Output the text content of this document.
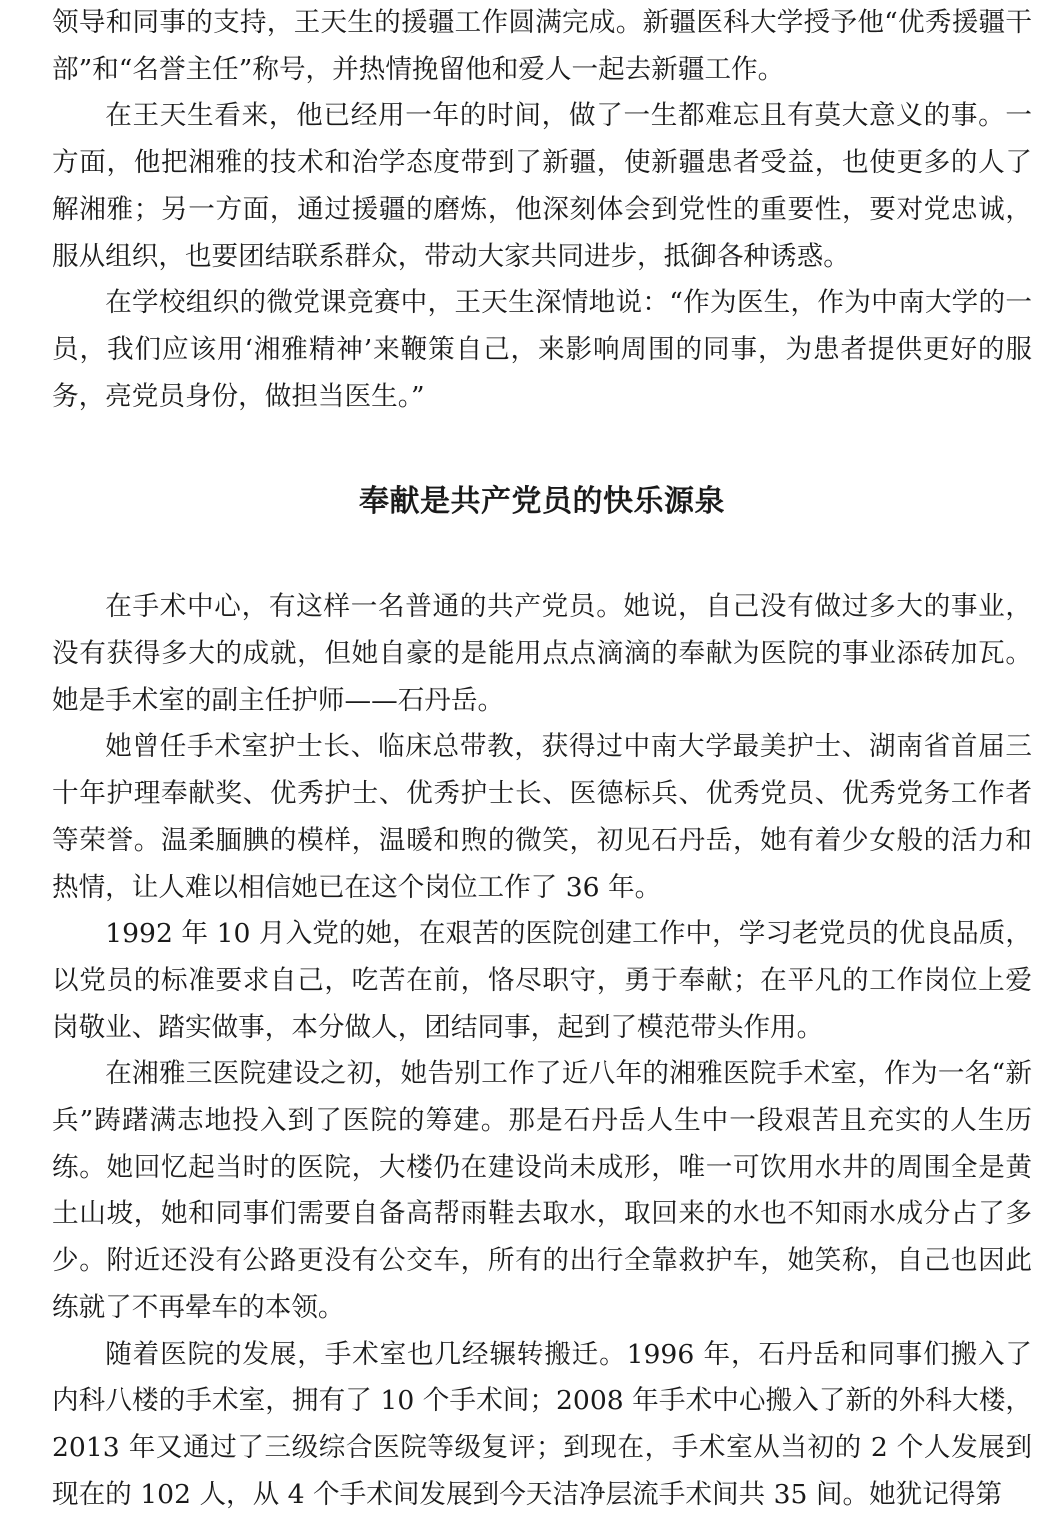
领导和同事的支持，王天生的援疆工作圆满完成。新疆医科大学授予他“优秀援疆干部”和“名誉主任”称号，并热情挽留他和爱人一起去新疆工作。

在王天生看来，他已经用一年的时间，做了一生都难忘且有莫大意义的事。一方面，他把湘雅的技术和治学态度带到了新疆，使新疆患者受益，也使更多的人了解湘雅；另一方面，通过援疆的磨炼，他深刻体会到党性的重要性，要对党忠诚，服从组织，也要团结联系群众，带动大家共同进步，抵御各种诱惑。

在学校组织的微党课竞赛中，王天生深情地说：“作为医生，作为中南大学的一员，我们应该用‘湘雅精神’来鞭策自己，来影响周围的同事，为患者提供更好的服务，亮党员身份，做担当医生。”

奉献是共产党员的快乐源泉

在手术中心，有这样一名普通的共产党员。她说，自己没有做过多大的事业，没有获得多大的成就，但她自豪的是能用点点滴滴的奉献为医院的事业添砖加瓦。她是手术室的副主任护师——石丹岳。

她曾任手术室护士长、临床总带教，获得过中南大学最美护士、湖南省首届三十年护理奉献奖、优秀护士、优秀护士长、医德标兵、优秀党员、优秀党务工作者等荣誉。温柔腼腆的模样，温暖和煦的微笑，初见石丹岳，她有着少女般的活力和热情，让人难以相信她已在这个岗位工作了 36 年。

1992 年 10 月入党的她，在艰苦的医院创建工作中，学习老党员的优良品质，以党员的标准要求自己，吃苦在前，恪尽职守，勇于奉献；在平凡的工作岗位上爱岗敬业、踏实做事，本分做人，团结同事，起到了模范带头作用。

在湘雅三医院建设之初，她告别工作了近八年的湘雅医院手术室，作为一名“新兵”踌躇满志地投入到了医院的筹建。那是石丹岳人生中一段艰苦且充实的人生历练。她回忆起当时的医院，大楼仍在建设尚未成形，唯一可饮用水井的周围全是黄土山坡，她和同事们需要自备高帮雨鞋去取水，取回来的水也不知雨水成分占了多少。附近还没有公路更没有公交车，所有的出行全靠救护车，她笑称，自己也因此练就了不再晕车的本领。

随着医院的发展，手术室也几经辗转搬迁。1996 年，石丹岳和同事们搬入了内科八楼的手术室，拥有了 10 个手术间；2008 年手术中心搬入了新的外科大楼，2013 年又通过了三级综合医院等级复评；到现在，手术室从当初的 2 个人发展到现在的 102 人，从 4 个手术间发展到今天洁净层流手术间共 35 间。她犹记得第
